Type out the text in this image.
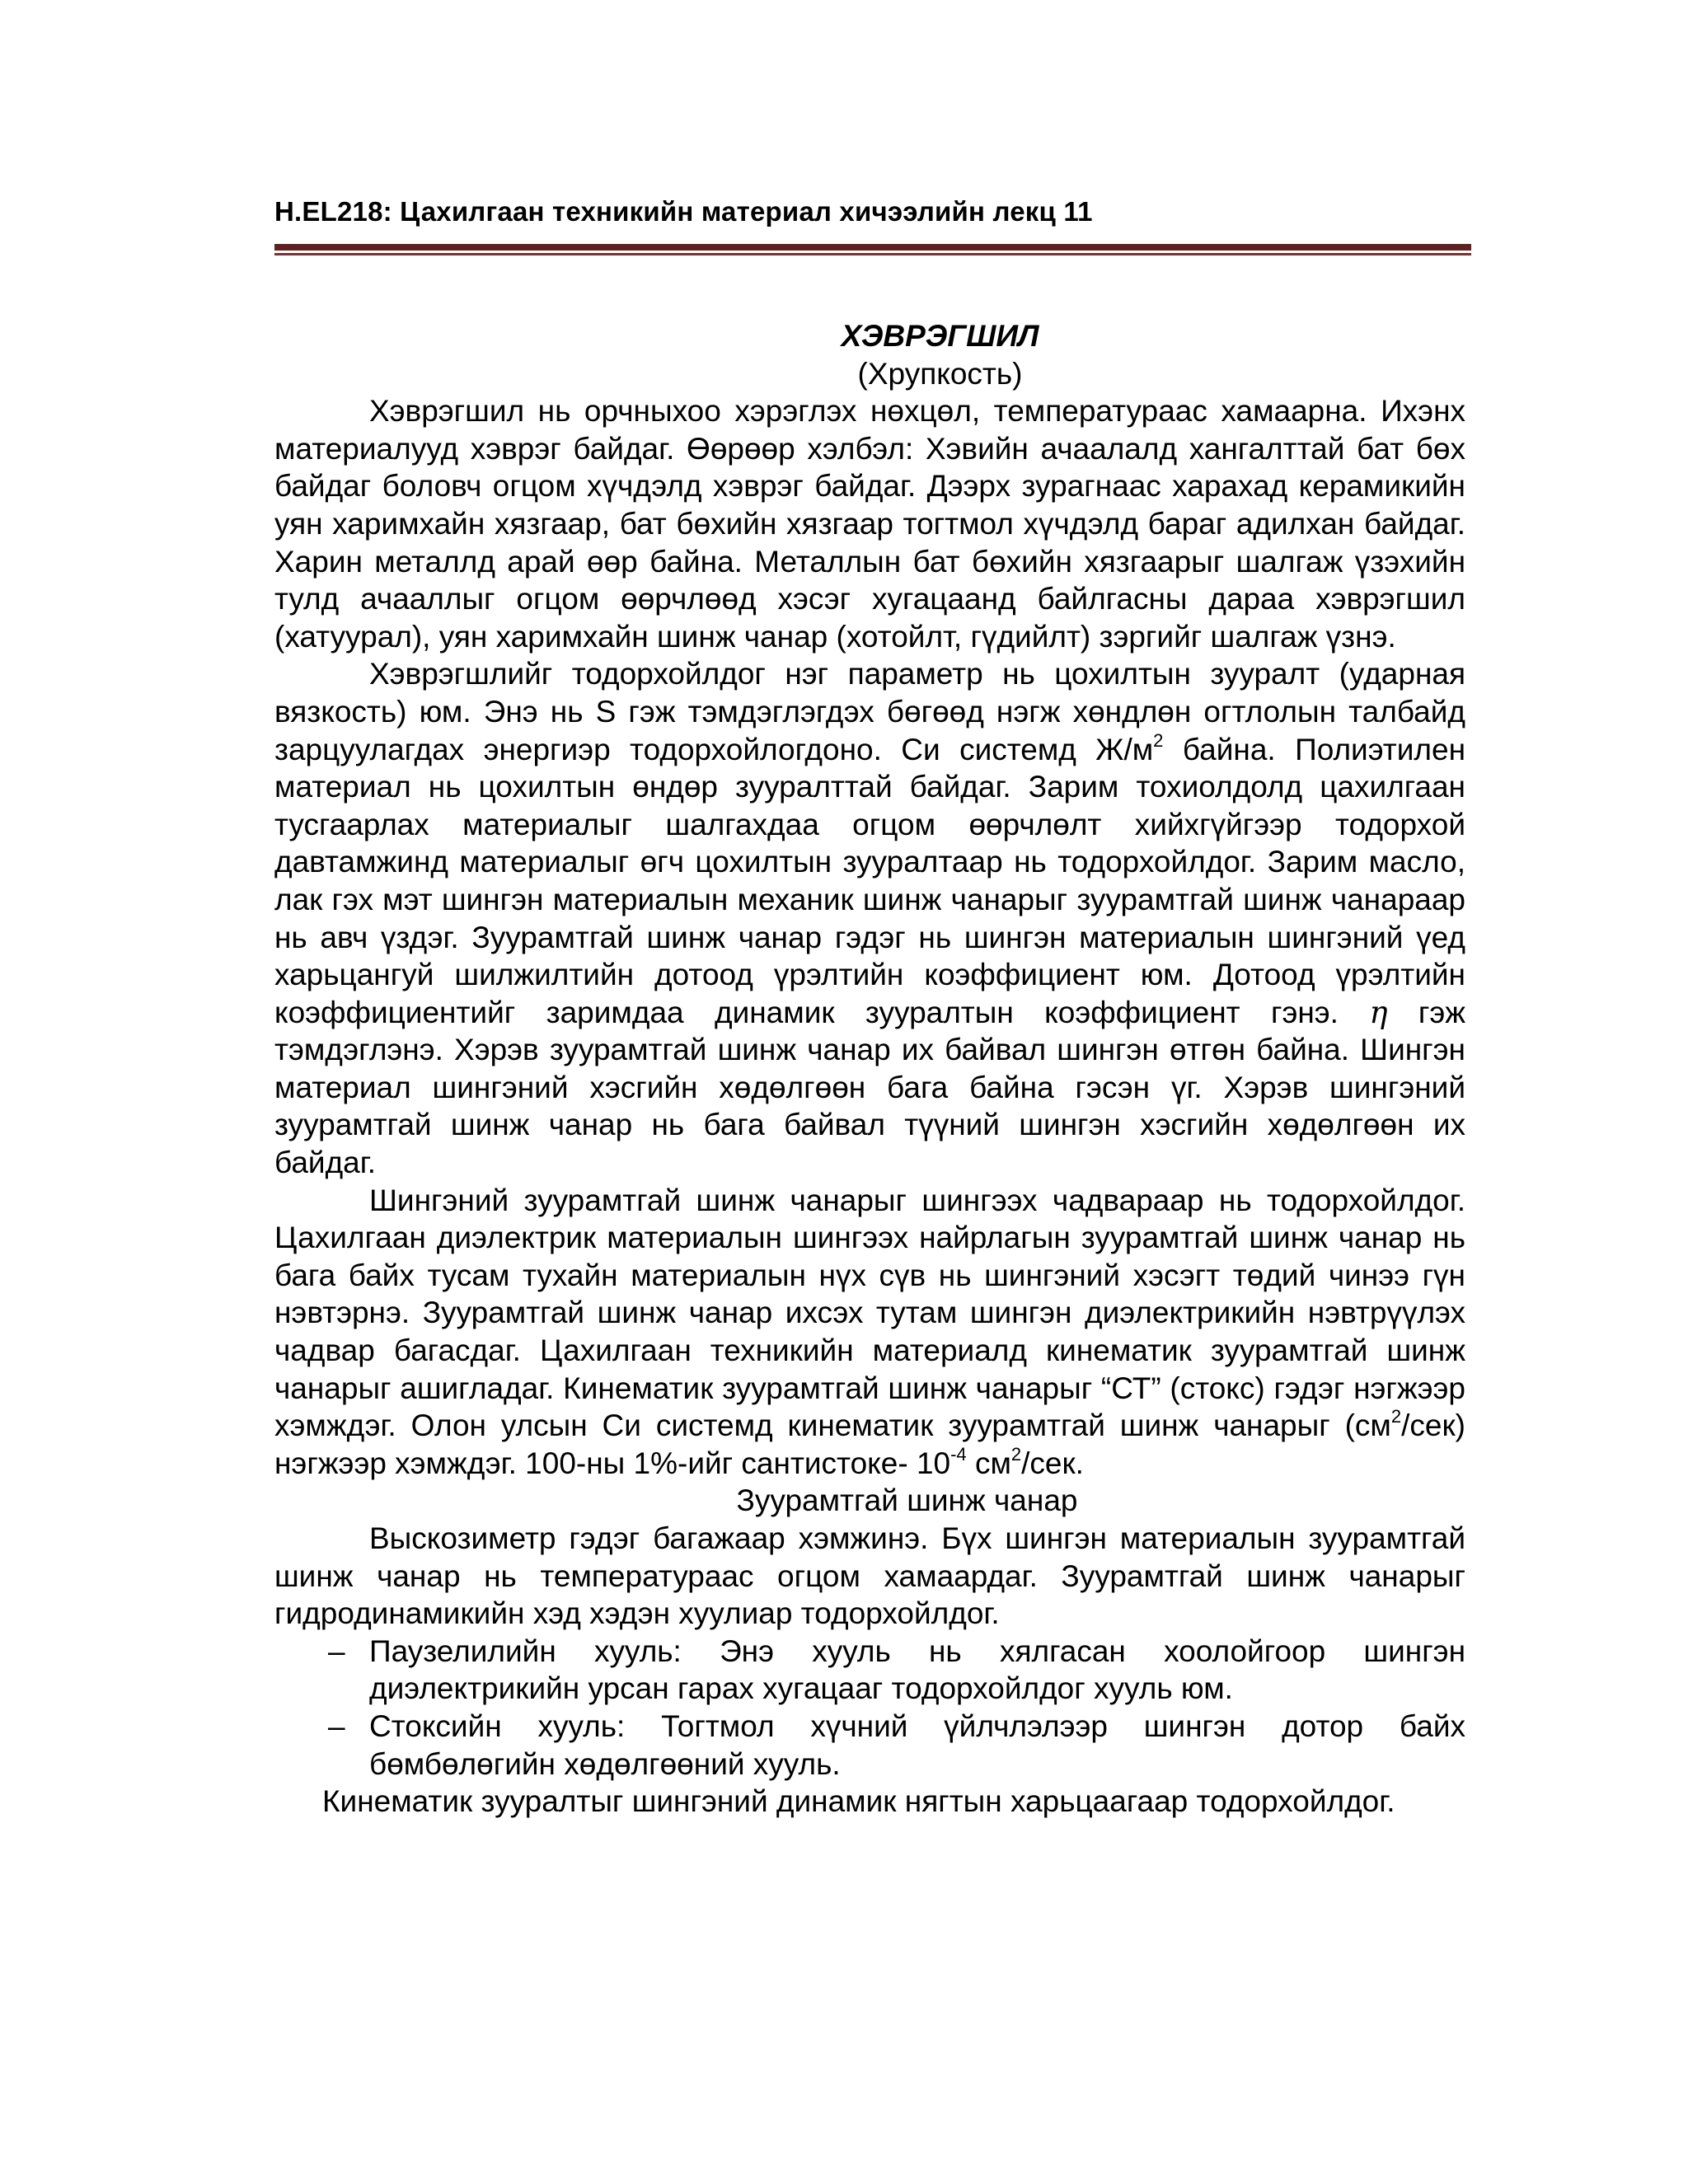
H.EL218: Цахилгаан техникийн материал хичээлийн лекц 11
ХЭВРЭГШИЛ
(Хрупкость)

Хэврэгшил нь орчныхоо хэрэглэх нөхцөл, температураас хамаарна. Ихэнх материалууд хэврэг байдаг. Өөрөөр хэлбэл: Хэвийн ачаалалд хангалттай бат бөх байдаг боловч огцом хүчдэлд хэврэг байдаг. Дээрх зурагнаас харахад керамикийн уян харимхайн хязгаар, бат бөхийн хязгаар тогтмол хүчдэлд бараг адилхан байдаг. Харин металлд арай өөр байна. Металлын бат бөхийн хязгаарыг шалгаж үзэхийн тулд ачааллыг огцом өөрчлөөд хэсэг хугацаанд байлгасны дараа хэврэгшил (хатуурал), уян харимхайн шинж чанар (хотойлт, гүдийлт) зэргийг шалгаж үзнэ.

Хэврэгшлийг тодорхойлдог нэг параметр нь цохилтын зууралт (ударная вязкость) юм. Энэ нь S гэж тэмдэглэгдэх бөгөөд нэгж хөндлөн огтлолын талбайд зарцуулагдах энергиэр тодорхойлогдоно. Си системд $Ж/м^2$ байна. Полиэтилен материал нь цохилтын өндөр зууралттай байдаг. Зарим тохиолдолд цахилгаан тусгаарлах материалыг шалгахдаа огцом өөрчлөлт хийхгүйгээр тодорхой давтамжинд материалыг өгч цохилтын зууралтаар нь тодорхойлдог. Зарим масло, лак гэх мэт шингэн материалын механик шинж чанарыг зуурамтгай шинж чанараар нь авч үздэг. Зуурамтгай шинж чанар гэдэг нь шингэн материалын шингэний үед харьцангуй шилжилтийн дотоод үрэлтийн коэффициент юм. Дотоод үрэлтийн коэффициентийг заримдаа динамик зууралтын коэффициент гэнэ. η гэж тэмдэглэнэ. Хэрэв зуурамтгай шинж чанар их байвал шингэн өтгөн байна. Шингэн материал шингэний хэсгийн хөдөлгөөн бага байна гэсэн үг. Хэрэв шингэний зуурамтгай шинж чанар нь бага байвал түүний шингэн хэсгийн хөдөлгөөн их байдаг.

Шингэний зуурамтгай шинж чанарыг шингээх чадвараар нь тодорхойлдог. Цахилгаан диэлектрик материалын шингээх найрлагын зуурамтгай шинж чанар нь бага байх тусам тухайн материалын нүх сүв нь шингэний хэсэгт төдий чинээ гүн нэвтэрнэ. Зуурамтгай шинж чанар ихсэх тутам шингэн диэлектрикийн нэвтрүүлэх чадвар багасдаг. Цахилгаан техникийн материалд кинематик зуурамтгай шинж чанарыг ашигладаг. Кинематик зуурамтгай шинж чанарыг “СТ” (стокс) гэдэг нэгжээр хэмждэг. Олон улсын Си системд кинематик зуурамтгай шинж чанарыг $(см^2/сек)$ нэгжээр хэмждэг. 100-ны 1%-ийг сантистоке- $10^{-4}$ $см^2$/сек.

Зуурамтгай шинж чанар

Выскозиметр гэдэг багажаар хэмжинэ. Бүх шингэн материалын зуурамтгай шинж чанар нь температураас огцом хамаардаг. Зуурамтгай шинж чанарыг гидродинамикийн хэд хэдэн хуулиар тодорхойлдог.

– Паузелилийн хууль: Энэ хууль нь хялгасан хоолойгоор шингэн диэлектрикийн урсан гарах хугацааг тодорхойлдог хууль юм.
– Стоксийн хууль: Тогтмол хүчний үйлчлэлээр шингэн дотор байх бөмбөлөгийн хөдөлгөөний хууль.

Кинематик зууралтыг шингэний динамик нягтын харьцаагаар тодорхойлдог.
